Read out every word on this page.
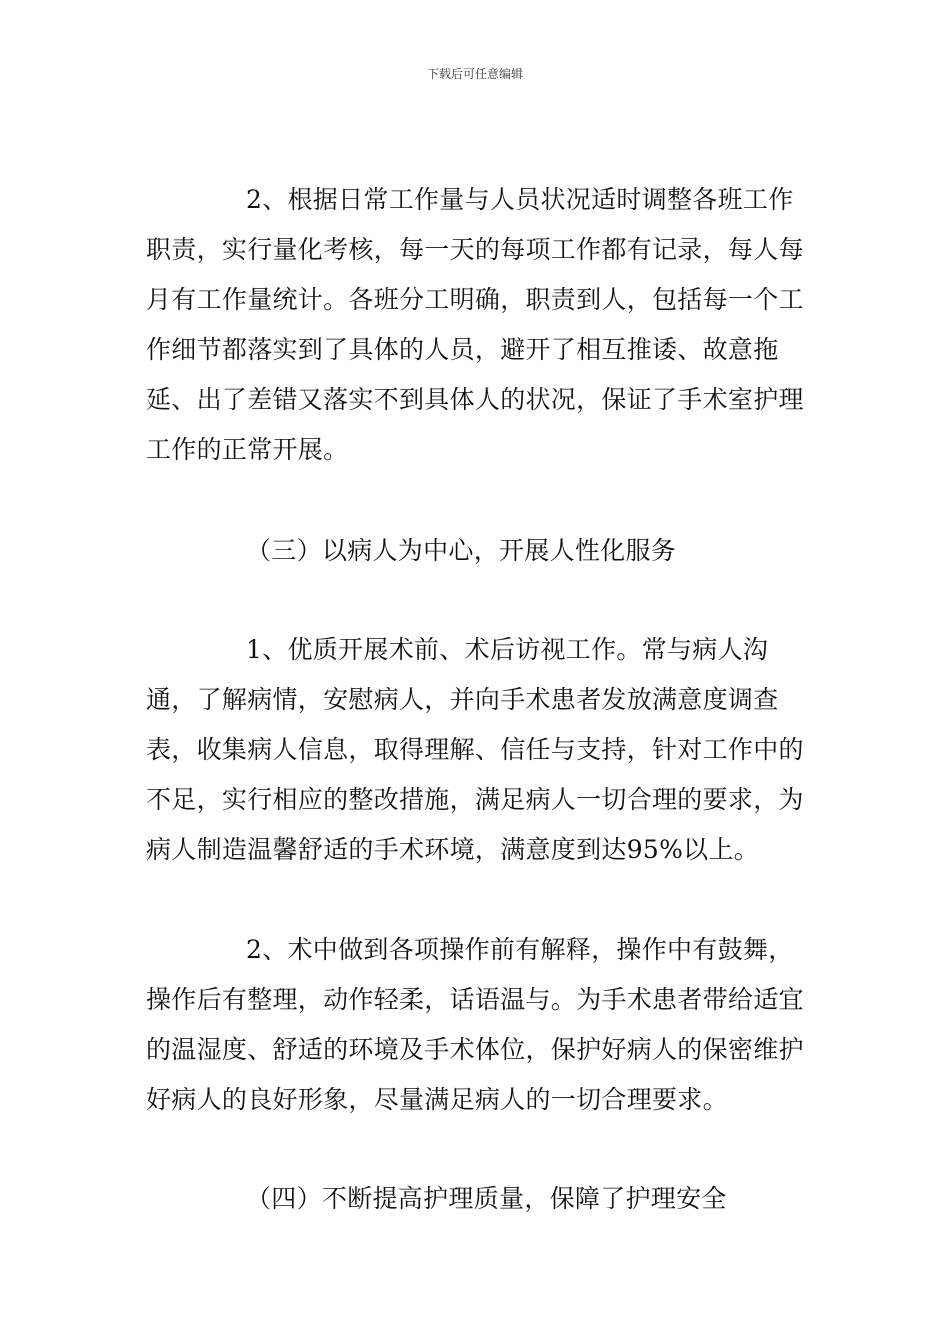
下载后可任意编辑

2、根据日常工作量与人员状况适时调整各班工作职责，实行量化考核，每一天的每项工作都有记录，每人每月有工作量统计。各班分工明确，职责到人，包括每一个工作细节都落实到了具体的人员，避开了相互推诿、故意拖延、出了差错又落实不到具体人的状况，保证了手术室护理工作的正常开展。

（三）以病人为中心，开展人性化服务

1、优质开展术前、术后访视工作。常与病人沟通，了解病情，安慰病人，并向手术患者发放满意度调查表，收集病人信息，取得理解、信任与支持，针对工作中的不足，实行相应的整改措施，满足病人一切合理的要求，为病人制造温馨舒适的手术环境，满意度到达95%以上。

2、术中做到各项操作前有解释，操作中有鼓舞，操作后有整理，动作轻柔，话语温与。为手术患者带给适宜的温湿度、舒适的环境及手术体位，保护好病人的保密维护好病人的良好形象，尽量满足病人的一切合理要求。

（四）不断提高护理质量，保障了护理安全
